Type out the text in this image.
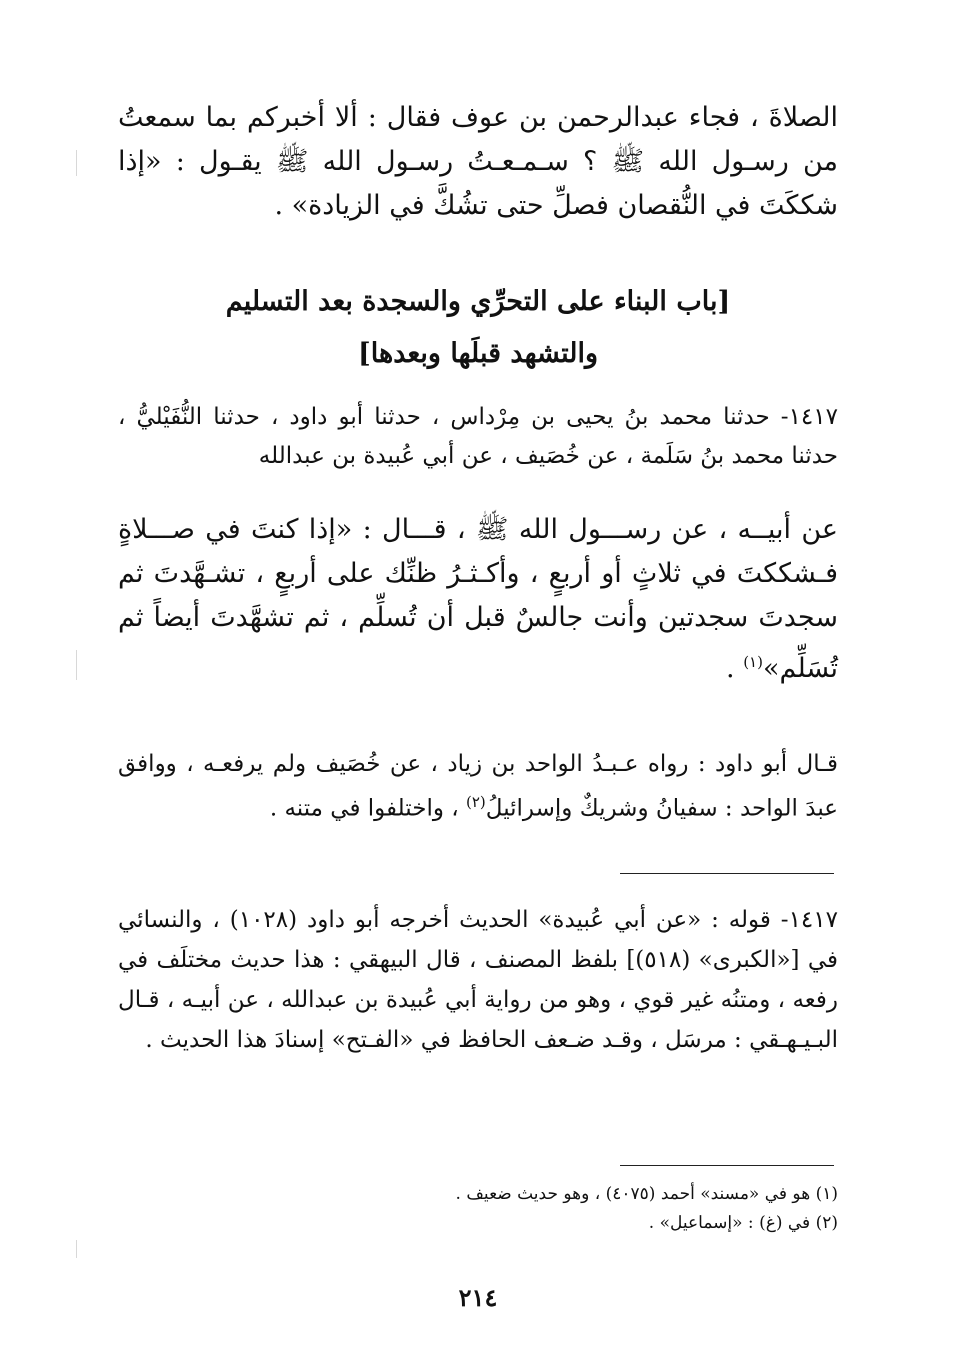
الصلاةَ ، فجاء عبدالرحمن بن عوف فقال : ألا أخبركم بما سمعتُ من رسـول الله ﷺ ؟ سـمـعـتُ رسـول الله ﷺ يقـول : «إذا شككَتَ في النُّقصان فصلِّ حتى تشُكَّ في الزيادة» .

[باب البناء على التحرِّي والسجدة بعد التسليم

والتشهد قبلَها وبعدها]

١٤١٧- حدثنا محمد بنُ يحيى بن مِرْداس ، حدثنا أبو داود ، حدثنا النُّفَيْليُّ ، حدثنا محمد بنُ سَلَمة ، عن خُصَيف ، عن أبي عُبيدة بن عبدالله

عن أبيــه ، عن رســـول الله ﷺ ، قـــال : «إذا كنتَ في صـــلاةٍ فـشككتَ في ثلاثٍ أو أربعٍ ، وأكـثـرُ ظنِّك على أربعٍ ، تشـهَّدتَ ثم سجدتَ سجدتين وأنت جالسٌ قبل أن تُسلِّم ، ثم تشهَّدتَ أيضاً ثم تُسَلِّم»$^{(١)}$ .

قـال أبو داود : رواه عـبـدُ الواحد بن زياد ، عن خُصَيف ولم يرفعـه ، ووافق عبدَ الواحد : سفيانُ وشريكٌ وإسرائيلُ$^{(٢)}$ ، واختلفوا في متنه .

١٤١٧- قوله : «عن أبي عُبيدة» الحديث أخرجه أبو داود (١٠٢٨) ، والنسائي في [«الكبرى» (٥١٨)] بلفظ المصنف ، قال البيهقي : هذا حديث مختلَف في رفعه ، ومتنُه غير قوي ، وهو من رواية أبي عُبيدة بن عبدالله ، عن أبيـه ، قـال البـيـهـقي : مرسَل ، وقـد ضـعف الحافظ في «الفـتح» إسنادَ هذا الحديث .

(١) هو في «مسند» أحمد (٤٠٧٥) ، وهو حديث ضعيف .

(٢) في (غ) : «إسماعيل» .

٢١٤
